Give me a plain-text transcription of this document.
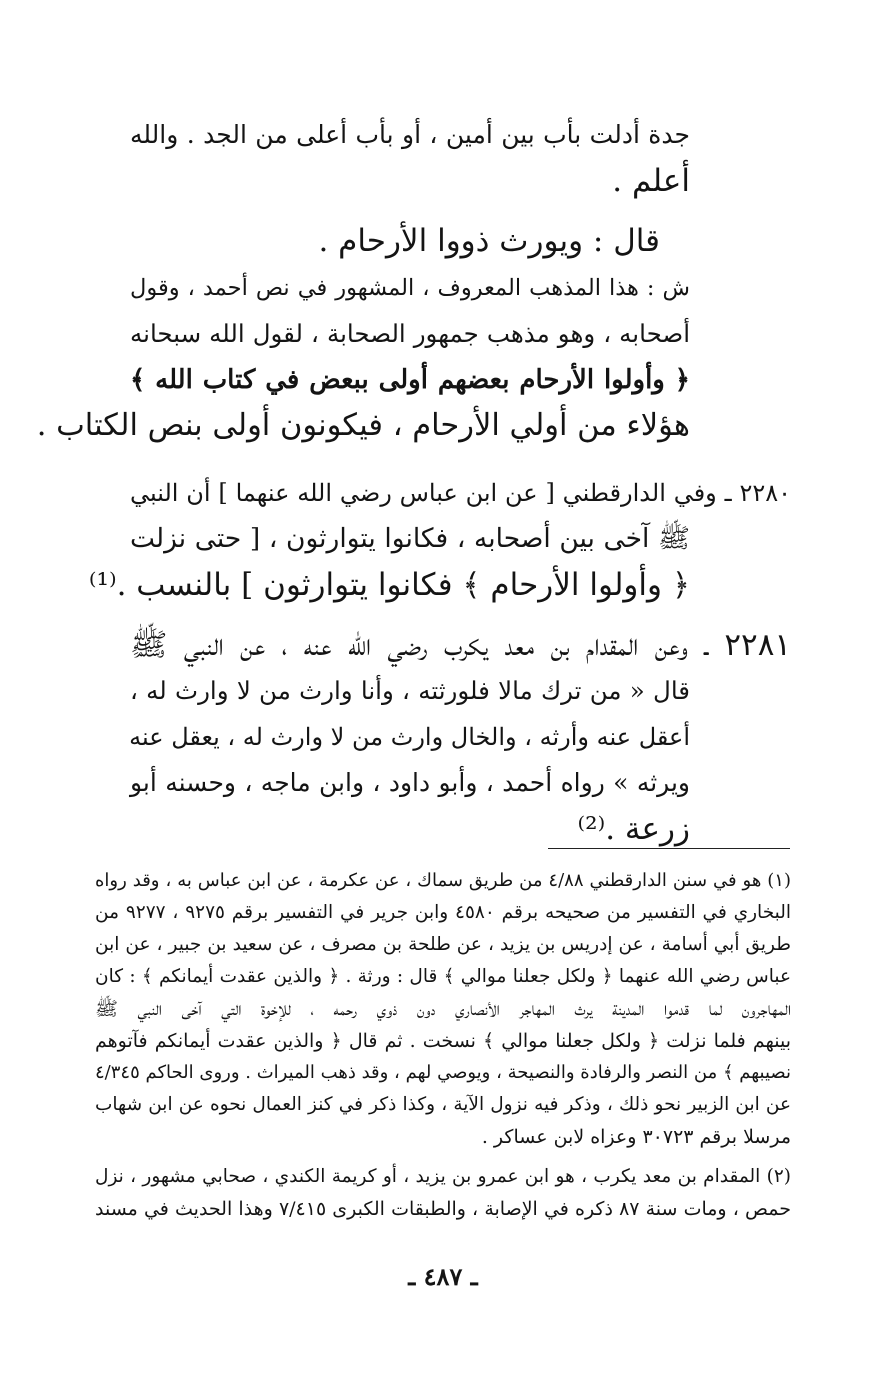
جدة أدلت بأب بين أمين ، أو بأب أعلى من الجد . والله

أعلم .

قال : ويورث ذووا الأرحام .

ش : هذا المذهب المعروف ، المشهور في نص أحمد ، وقول

أصحابه ، وهو مذهب جمهور الصحابة ، لقول الله سبحانه

﴿ وأولوا الأرحام بعضهم أولى ببعض في كتاب الله ﴾

هؤلاء من أولي الأرحام ، فيكونون أولى بنص الكتاب .

٢٢٨٠ ـ وفي الدارقطني [ عن ابن عباس رضي الله عنهما ] أن النبي

ﷺ آخى بين أصحابه ، فكانوا يتوارثون ، [ حتى نزلت

﴿ وأولوا الأرحام ﴾ فكانوا يتوارثون ] بالنسب .⁽¹⁾

٢٢٨١ ـ وعن المقدام بن معد يكرب رضي الله عنه ، عن النبي ﷺ

قال « من ترك مالا فلورثته ، وأنا وارث من لا وارث له ،

أعقل عنه وأرثه ، والخال وارث من لا وارث له ، يعقل عنه

ويرثه » رواه أحمد ، وأبو داود ، وابن ماجه ، وحسنه أبو

زرعة .⁽²⁾

(١) هو في سنن الدارقطني ٤/٨٨ من طريق سماك ، عن عكرمة ، عن ابن عباس به ، وقد رواه

البخاري في التفسير من صحيحه برقم ٤٥٨٠ وابن جرير في التفسير برقم ٩٢٧٥ ، ٩٢٧٧ من

طريق أبي أسامة ، عن إدريس بن يزيد ، عن طلحة بن مصرف ، عن سعيد بن جبير ، عن ابن

عباس رضي الله عنهما ﴿ ولكل جعلنا موالي ﴾ قال : ورثة . ﴿ والذين عقدت أيمانكم ﴾ : كان

المهاجرون لما قدموا المدينة يرث المهاجر الأنصاري دون ذوي رحمه ، للإخوة التي آخى النبي ﷺ

بينهم فلما نزلت ﴿ ولكل جعلنا موالي ﴾ نسخت . ثم قال ﴿ والذين عقدت أيمانكم فآتوهم

نصيبهم ﴾ من النصر والرفادة والنصيحة ، ويوصي لهم ، وقد ذهب الميراث . وروى الحاكم ٤/٣٤٥

عن ابن الزبير نحو ذلك ، وذكر فيه نزول الآية ، وكذا ذكر في كنز العمال نحوه عن ابن شهاب

مرسلا برقم ٣٠٧٢٣ وعزاه لابن عساكر .

(٢) المقدام بن معد يكرب ، هو ابن عمرو بن يزيد ، أو كريمة الكندي ، صحابي مشهور ، نزل

حمص ، ومات سنة ٨٧ ذكره في الإصابة ، والطبقات الكبرى ٧/٤١٥ وهذا الحديث في مسند

ـ ٤٨٧ ـ
